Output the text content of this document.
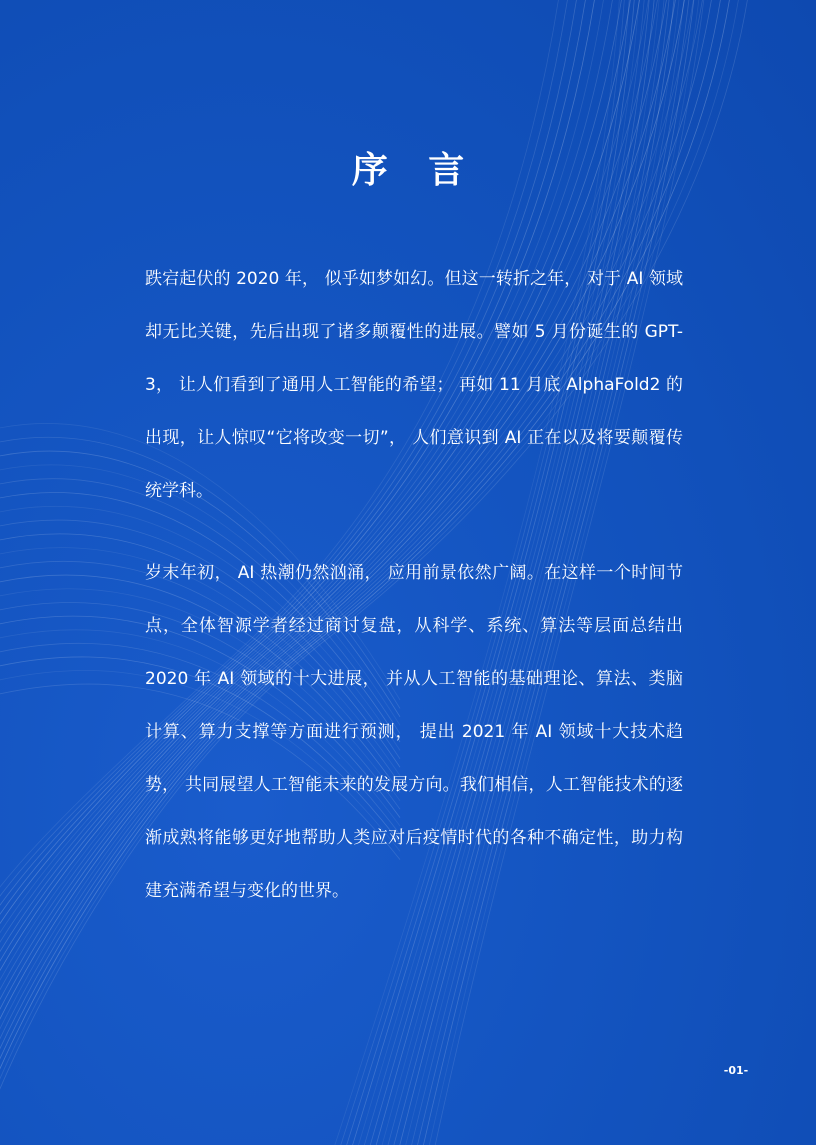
序 言

跌宕起伏的 2020 年， 似乎如梦如幻。但这一转折之年， 对于 AI 领域却无比关键，先后出现了诸多颠覆性的进展。譬如 5 月份诞生的 GPT-3， 让人们看到了通用人工智能的希望； 再如 11 月底 AlphaFold2 的出现，让人惊叹“它将改变一切”， 人们意识到 AI 正在以及将要颠覆传统学科。

岁末年初， AI 热潮仍然汹涌， 应用前景依然广阔。在这样一个时间节点，全体智源学者经过商讨复盘，从科学、系统、算法等层面总结出 2020 年 AI 领域的十大进展， 并从人工智能的基础理论、算法、类脑计算、算力支撑等方面进行预测， 提出 2021 年 AI 领域十大技术趋势， 共同展望人工智能未来的发展方向。我们相信，人工智能技术的逐渐成熟将能够更好地帮助人类应对后疫情时代的各种不确定性，助力构建充满希望与变化的世界。

-01-
